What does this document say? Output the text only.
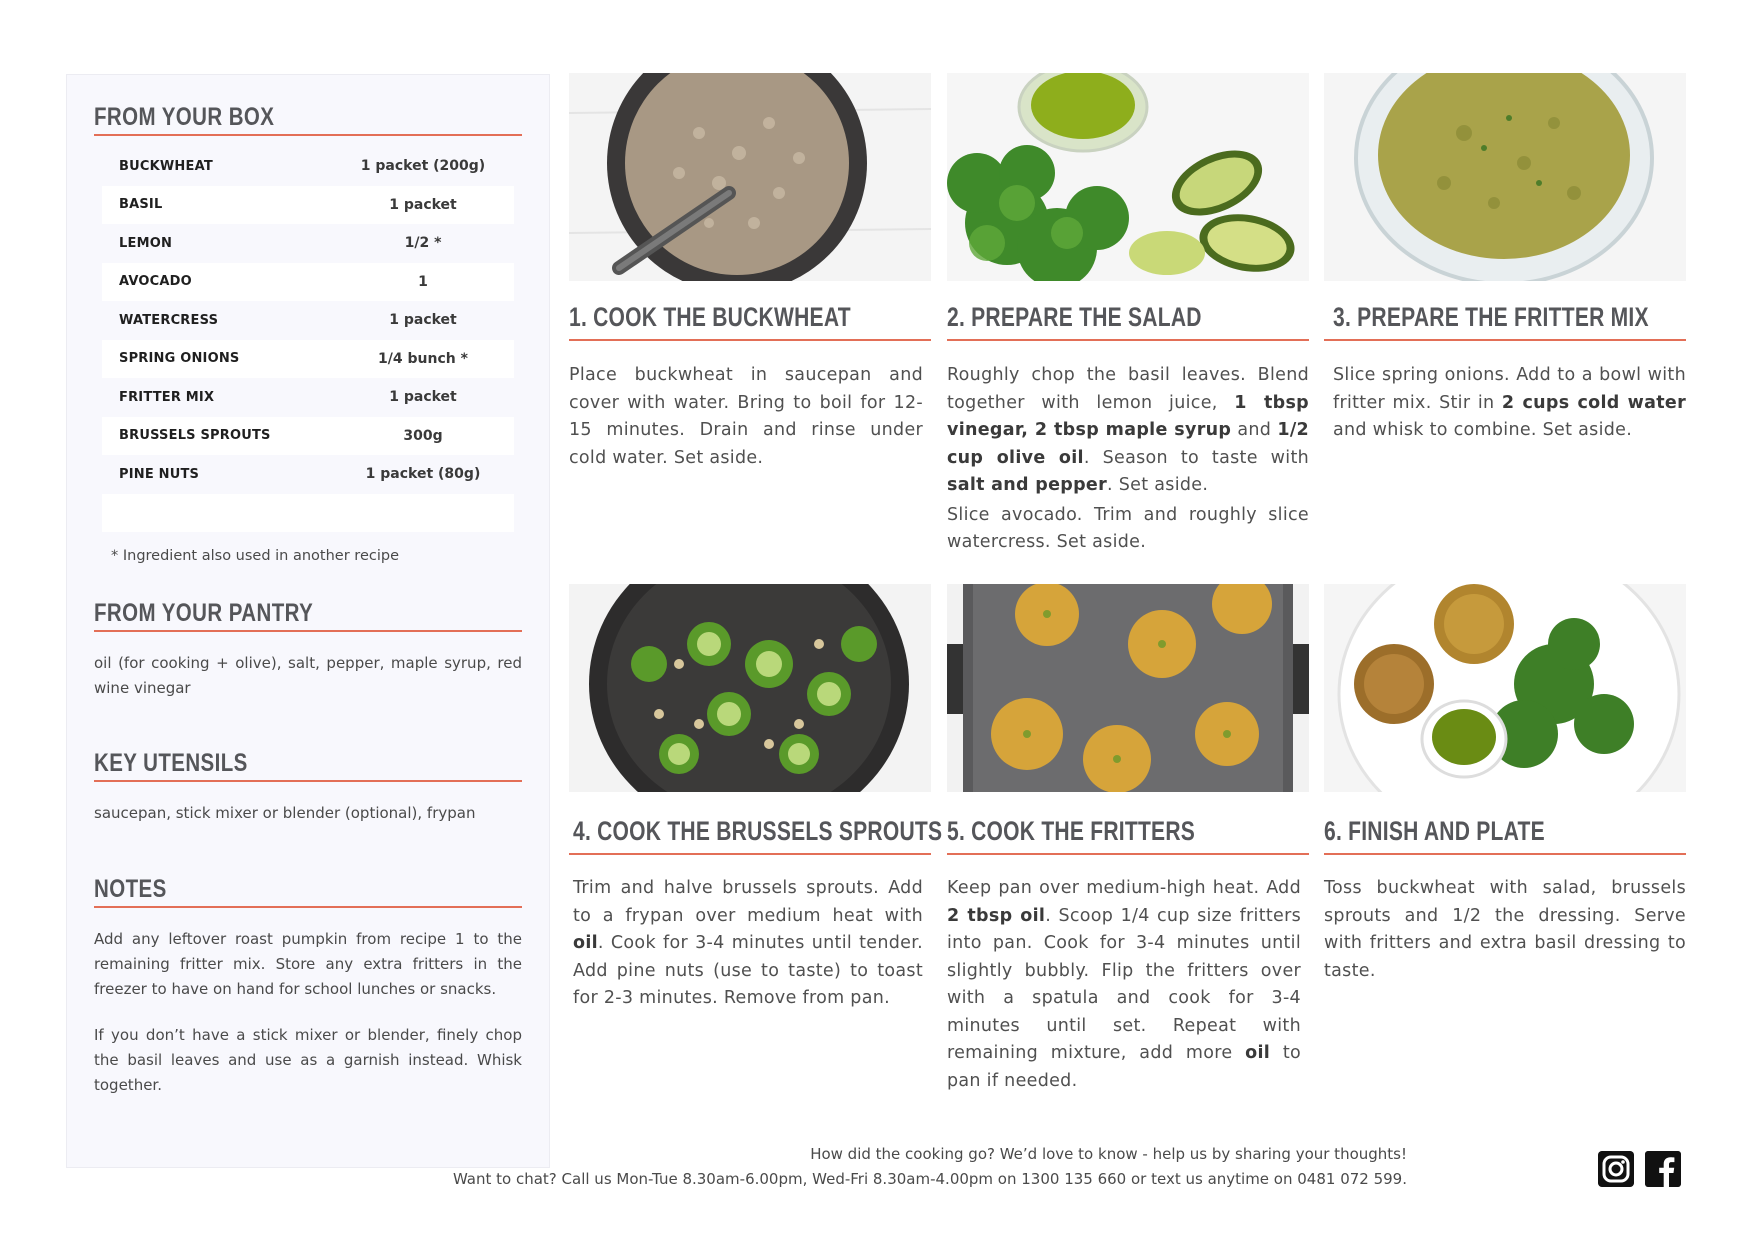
FROM YOUR BOX
BUCKWHEAT	1 packet (200g)
BASIL	1 packet
LEMON	1/2 *
AVOCADO	1
WATERCRESS	1 packet
SPRING ONIONS	1/4 bunch *
FRITTER MIX	1 packet
BRUSSELS SPROUTS	300g
PINE NUTS	1 packet (80g)
* Ingredient also used in another recipe
FROM YOUR PANTRY
oil (for cooking + olive), salt, pepper, maple syrup, red wine vinegar
KEY UTENSILS
saucepan, stick mixer or blender (optional), frypan
NOTES
Add any leftover roast pumpkin from recipe 1 to the remaining fritter mix. Store any extra fritters in the freezer to have on hand for school lunches or snacks.
If you don’t have a stick mixer or blender, finely chop the basil leaves and use as a garnish instead. Whisk together.
1. COOK THE BUCKWHEAT	2. PREPARE THE SALAD	3. PREPARE THE FRITTER MIX
4. COOK THE BRUSSELS SPROUTS 5. COOK THE FRITTERS	6. FINISH AND PLATE
Place buckwheat in saucepan and cover with water. Bring to boil for 12-15 minutes. Drain and rinse under cold water. Set aside.

Roughly chop the basil leaves. Blend together with lemon juice, 1 tbsp vinegar, 2 tbsp maple syrup and 1/2 cup olive oil. Season to taste with salt and pepper. Set aside.

Slice avocado. Trim and roughly slice watercress. Set aside.

Slice spring onions. Add to a bowl with fritter mix. Stir in 2 cups cold water and whisk to combine. Set aside.
Trim and halve brussels sprouts. Add to a frypan over medium heat with oil. Cook for 3-4 minutes until tender. Add pine nuts (use to taste) to toast for 2-3 minutes. Remove from pan.
Keep pan over medium-high heat. Add 2 tbsp oil. Scoop 1/4 cup size fritters into pan. Cook for 3-4 minutes until slightly bubbly. Flip the fritters over with a spatula and cook for 3-4 minutes until set. Repeat with remaining mixture, add more oil to pan if needed.
Toss buckwheat with salad, brussels sprouts and 1/2 the dressing. Serve with fritters and extra basil dressing to taste.
How did the cooking go? We’d love to know - help us by sharing your thoughts!
Want to chat? Call us Mon-Tue 8.30am-6.00pm, Wed-Fri 8.30am-4.00pm on 1300 135 660 or text us anytime on 0481 072 599.
